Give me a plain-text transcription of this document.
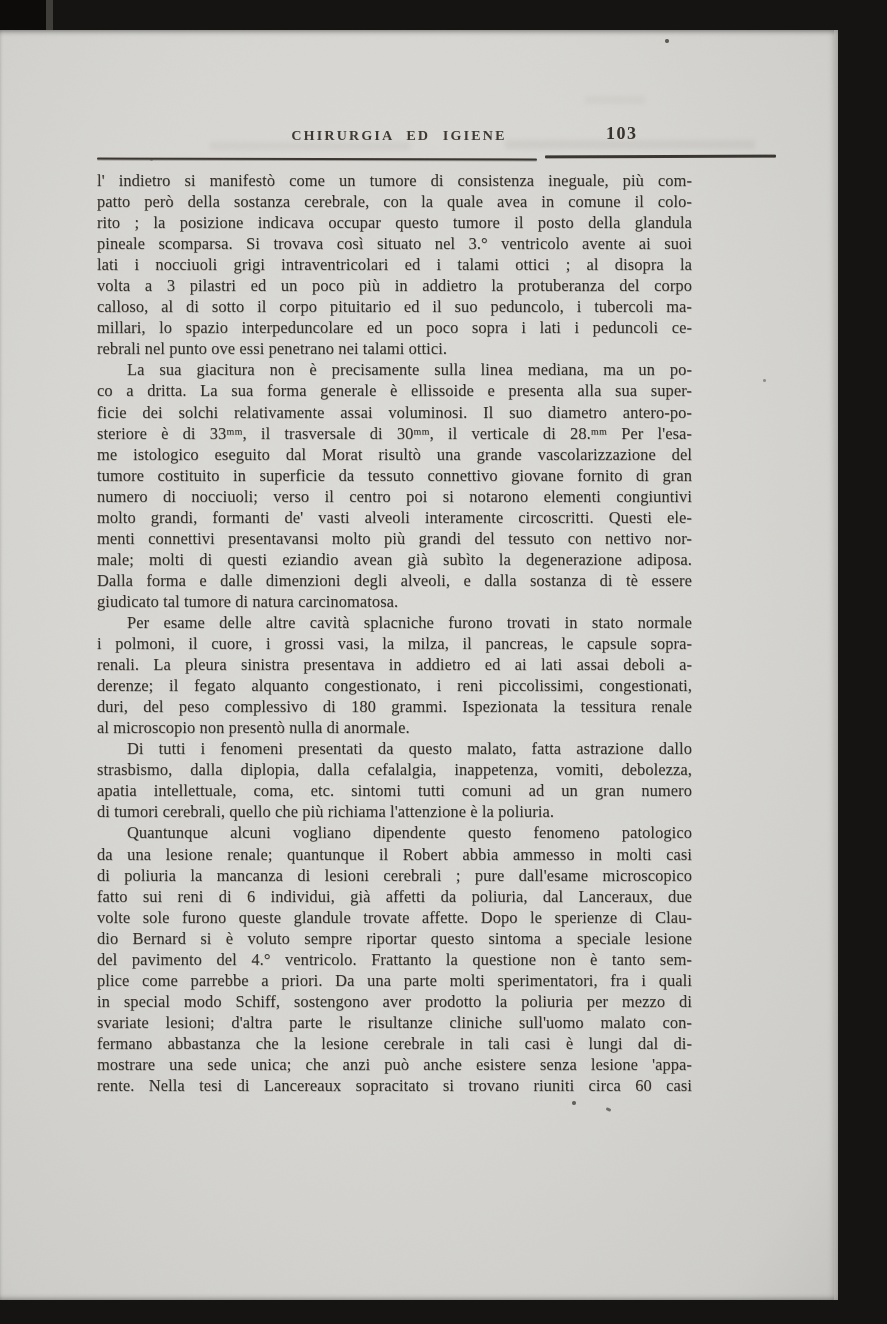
CHIRURGIA ED IGIENE	103
l' indietro si manifestò come un tumore di consistenza ineguale, più com-
patto però della sostanza cerebrale, con la quale avea in comune il colo-
rito ; la posizione indicava occupar questo tumore il posto della glandula
pineale scomparsa. Si trovava così situato nel 3.° ventricolo avente ai suoi
lati i nocciuoli grigi intraventricolari ed i talami ottici ; al disopra la
volta a 3 pilastri ed un poco più in addietro la protuberanza del corpo
calloso, al di sotto il corpo pituitario ed il suo peduncolo, i tubercoli ma-
millari, lo spazio interpeduncolare ed un poco sopra i lati i peduncoli ce-
rebrali nel punto ove essi penetrano nei talami ottici.
La sua giacitura non è precisamente sulla linea mediana, ma un po-
co a dritta. La sua forma generale è ellissoide e presenta alla sua super-
ficie dei solchi relativamente assai voluminosi. Il suo diametro antero-po-
steriore è di 33ᵐᵐ, il trasversale di 30ᵐᵐ, il verticale di 28.ᵐᵐ Per l'esa-
me istologico eseguito dal Morat risultò una grande vascolarizzazione del
tumore costituito in superficie da tessuto connettivo giovane fornito di gran
numero di nocciuoli; verso il centro poi si notarono elementi congiuntivi
molto grandi, formanti de' vasti alveoli interamente circoscritti. Questi ele-
menti connettivi presentavansi molto più grandi del tessuto con nettivo nor-
male; molti di questi eziandio avean già subìto la degenerazione adiposa.
Dalla forma e dalle dimenzioni degli alveoli, e dalla sostanza di tè essere
giudicato tal tumore di natura carcinomatosa.
Per esame delle altre cavità splacniche furono trovati in stato normale
i polmoni, il cuore, i grossi vasi, la milza, il pancreas, le capsule sopra-
renali. La pleura sinistra presentava in addietro ed ai lati assai deboli a-
derenze; il fegato alquanto congestionato, i reni piccolissimi, congestionati,
duri, del peso complessivo di 180 grammi. Ispezionata la tessitura renale
al microscopio non presentò nulla di anormale.
Di tutti i fenomeni presentati da questo malato, fatta astrazione dallo
strasbismo, dalla diplopia, dalla cefalalgia, inappetenza, vomiti, debolezza,
apatia intellettuale, coma, etc. sintomi tutti comuni ad un gran numero
di tumori cerebrali, quello che più richiama l'attenzione è la poliuria.
Quantunque alcuni vogliano dipendente questo fenomeno patologico
da una lesione renale; quantunque il Robert abbia ammesso in molti casi
di poliuria la mancanza di lesioni cerebrali ; pure dall'esame microscopico
fatto sui reni di 6 individui, già affetti da poliuria, dal Lanceraux, due
volte sole furono queste glandule trovate affette. Dopo le sperienze di Clau-
dio Bernard si è voluto sempre riportar questo sintoma a speciale lesione
del pavimento del 4.° ventricolo. Frattanto la questione non è tanto sem-
plice come parrebbe a priori. Da una parte molti sperimentatori, fra i quali
in special modo Schiff, sostengono aver prodotto la poliuria per mezzo di
svariate lesioni; d'altra parte le risultanze cliniche sull'uomo malato con-
fermano abbastanza che la lesione cerebrale in tali casi è lungi dal di-
mostrare una sede unica; che anzi può anche esistere senza lesione 'appa-
rente. Nella tesi di Lancereaux sopracitato si trovano riuniti circa 60 casi
